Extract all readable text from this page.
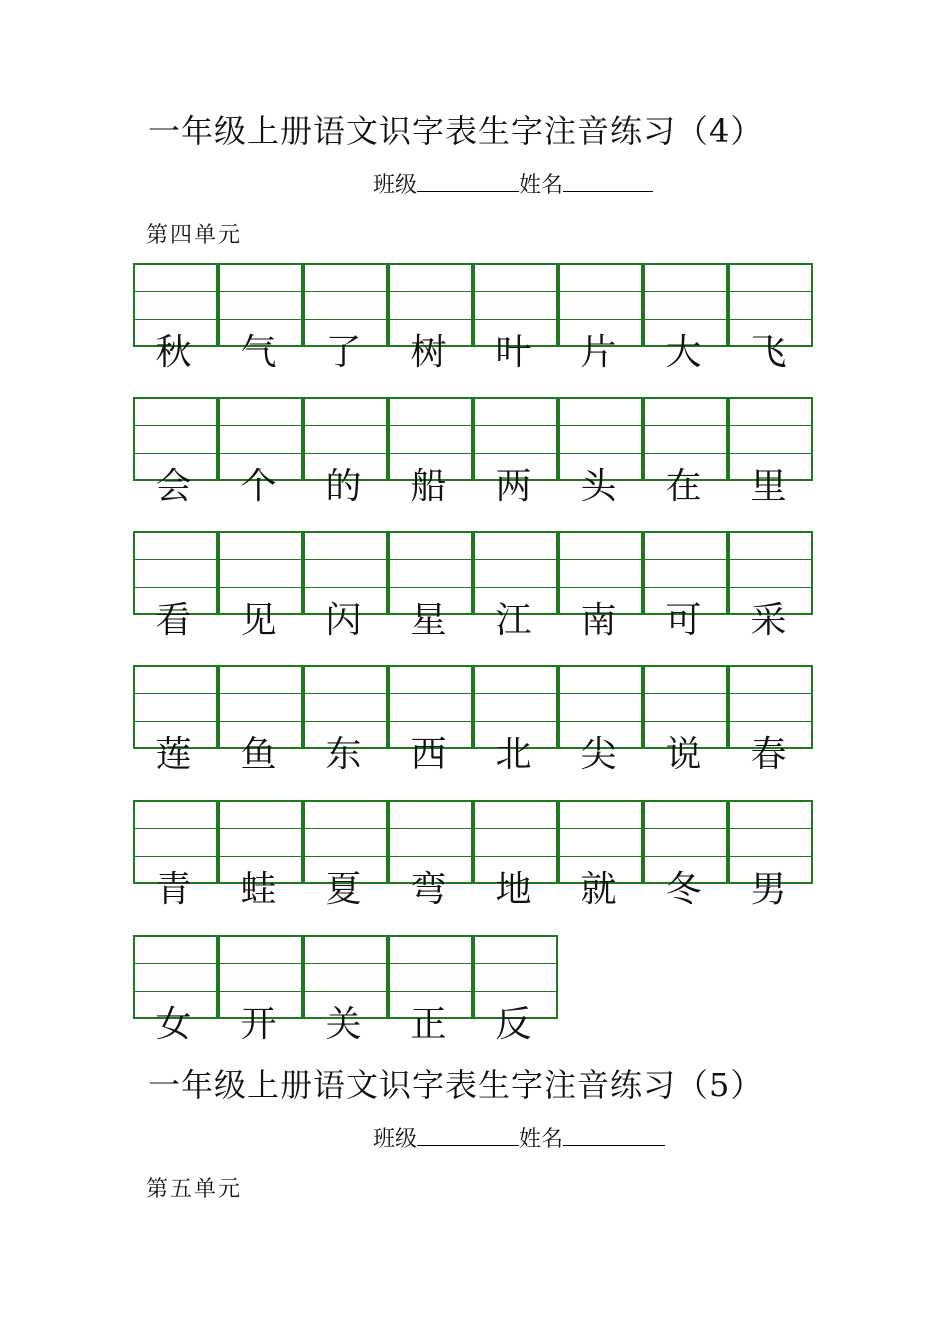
一年级上册语文识字表生字注音练习（4）
班级	姓名
第四单元
秋	气	了	树	叶	片	大	飞
会	个	的	船	两	头	在	里
看	见	闪	星	江	南	可	采
莲	鱼	东	西	北	尖	说	春
青	蛙	夏	弯	地	就	冬	男
女	开	关	正	反
一年级上册语文识字表生字注音练习（5）
班级	姓名
第五单元
